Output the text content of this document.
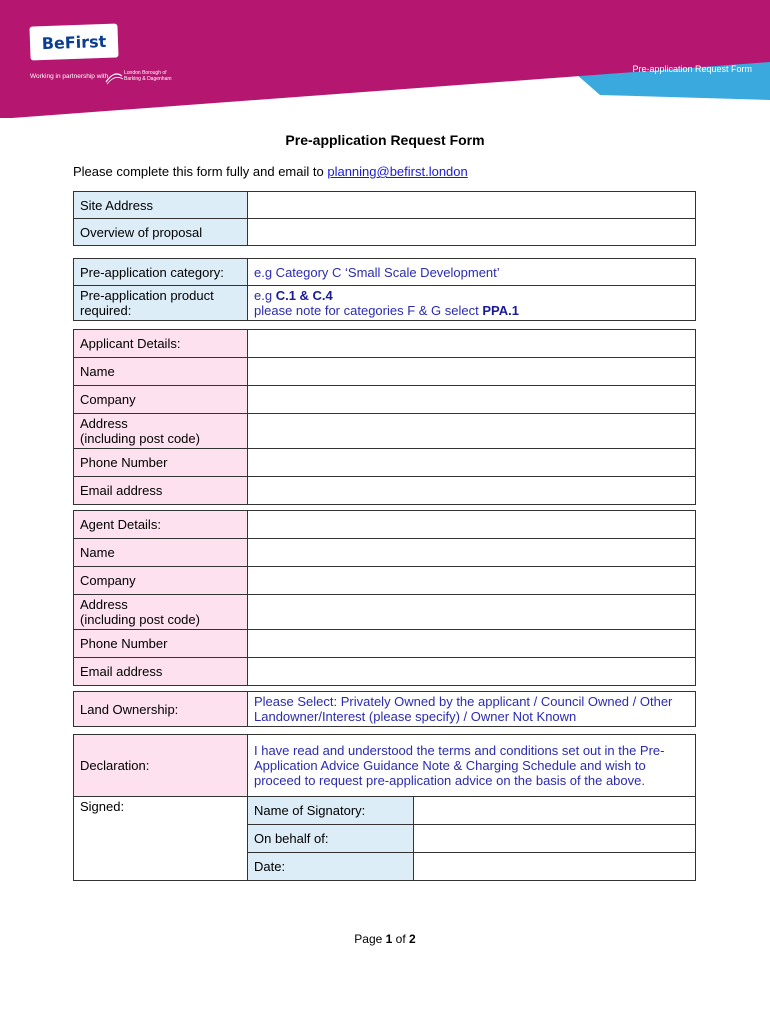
BeFirst
Working in partnership with	London Borough of Barking & Dagenham
Pre-application Request Form
Pre-application Request Form
Please complete this form fully and email to planning@befirst.london
Site Address	
Overview of proposal	
Pre-application category:	e.g Category C ‘Small Scale Development’
Pre-application product required:	e.g C.1 & C.4
please note for categories F & G select PPA.1
Applicant Details:	
Name	
Company	

Address
(including post code)	

Phone Number	
Email address	
Agent Details:	
Name	
Company	

Address
(including post code)	

Phone Number	
Email address	
Land Ownership:	Please Select: Privately Owned by the applicant / Council Owned / Other Landowner/Interest (please specify) / Owner Not Known
Declaration:	I have read and understood the terms and conditions set out in the Pre-Application Advice Guidance Note & Charging Schedule and wish to proceed to request pre-application advice on the basis of the above.	
Signed:	Name of Signatory:	
	On behalf of:	
	Date:	
Page 1 of 2
